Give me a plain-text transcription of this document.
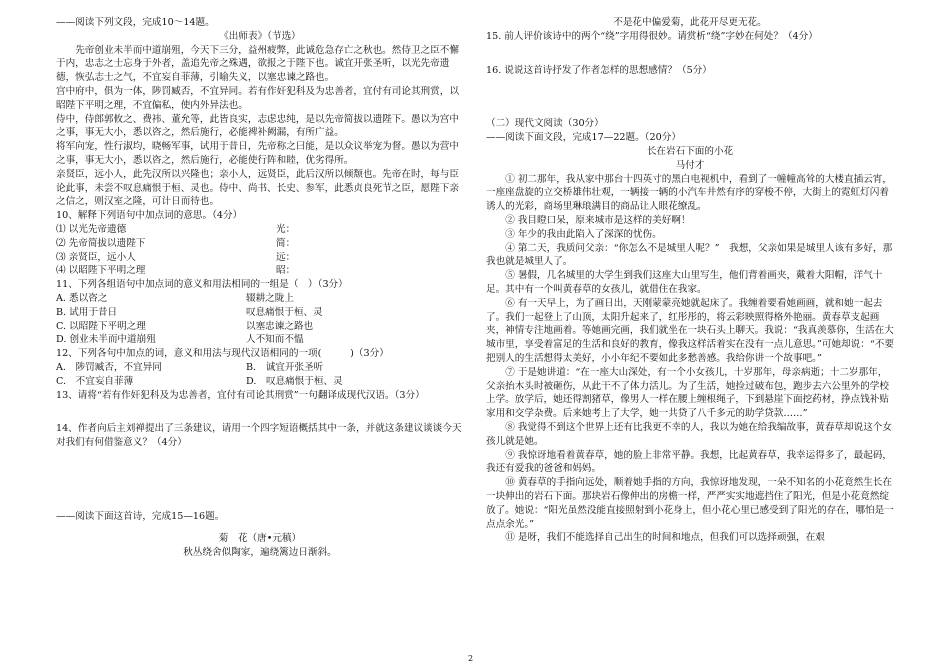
——阅读下列文段，完成10～14题。

《出师表》（节选）

先帝创业未半而中道崩殂，今天下三分，益州疲弊，此诚危急存亡之秋也。然侍卫之臣不懈于内，忠志之士忘身于外者，盖追先帝之殊遇，欲报之于陛下也。诚宜开张圣听，以光先帝遗德，恢弘志士之气，不宜妄自菲薄，引喻失义，以塞忠谏之路也。

宫中府中，俱为一体，陟罚臧否，不宜异同。若有作奸犯科及为忠善者，宜付有司论其刑赏，以昭陛下平明之理，不宜偏私，使内外异法也。

侍中，侍郎郭攸之、费祎、董允等，此皆良实，志虑忠纯，是以先帝简拔以遗陛下。愚以为宫中之事，事无大小，悉以咨之，然后施行，必能裨补阙漏，有所广益。

将军向宠，性行淑均，晓畅军事，试用于昔日，先帝称之曰能，是以众议举宠为督。愚以为营中之事，事无大小，悉以咨之，然后施行，必能使行阵和睦，优劣得所。

亲贤臣，远小人，此先汉所以兴隆也；亲小人，远贤臣，此后汉所以倾颓也。先帝在时，每与臣论此事，未尝不叹息痛恨于桓、灵也。侍中、尚书、长史、参军，此悉贞良死节之臣，愿陛下亲之信之，则汉室之隆，可计日而待也。

10、解释下列语句中加点词的意思。（4分）

⑴ 以光先帝遗德	光：
⑵ 先帝简拔以遗陛下	简：
⑶ 亲贤臣，远小人	远：
⑷ 以昭陛下平明之理	昭：

11、下列各组语句中加点词的意义和用法相同的一组是（　）（3分）

A. 悉以咨之	辍耕之陇上
B. 试用于昔日	叹息痛恨于桓、灵
C. 以昭陛下平明之理	以塞忠谏之路也
D. 创业未半而中道崩殂	人不知而不愠

12、下列各句中加点的词，意义和用法与现代汉语相同的一项(　　　)（3分）

A.　陟罚臧否，不宜异同	B.　诚宜开张圣听
C.　不宜妄自菲薄	D.　叹息痛恨于桓、灵

13、请将“若有作奸犯科及为忠善者，宜付有司论其刑赏”一句翻译成现代汉语。（3分）

14、作者向后主刘禅提出了三条建议，请用一个四字短语概括其中一条，并就这条建议谈谈今天对我们有何借鉴意义？（4分）

——阅读下面这首诗，完成15—16题。

菊　花（唐•元稹）

秋丛绕舍似陶家，遍绕篱边日渐斜。

不是花中偏爱菊，此花开尽更无花。

15. 前人评价该诗中的两个“绕”字用得很妙。请赏析“绕”字妙在何处？（4分）

16. 说说这首诗抒发了作者怎样的思想感情？（5分）

（二）现代文阅读（30分）

——阅读下面文段，完成17—22题。（20分）

长在岩石下面的小花

马付才

① 初二那年，我从家中那台十四英寸的黑白电视机中，看到了一幢幢高耸的大楼直插云宵，一座座盘旋的立交桥雄伟壮观，一辆接一辆的小汽车井然有序的穿梭不停，大街上的霓虹灯闪着诱人的光彩，商场里琳琅满目的商品让人眼花缭乱。

② 我目瞪口呆，原来城市是这样的美好啊！

③ 年少的我由此陷入了深深的忧伤。

④ 第二天，我质问父亲：“你怎么不是城里人呢？”　我想，父亲如果是城里人该有多好，那我也就是城里人了。

⑤ 暑假，几名城里的大学生到我们这座大山里写生，他们背着画夹，戴着大阳帽，洋气十足。其中有一个叫黄春草的女孩儿，就借住在我家。

⑥ 有一天早上，为了画日出，天刚蒙蒙亮她就起床了。我缠着要看她画画，就和她一起去了。我们一起登上了山顶，太阳升起来了，红彤彤的，将云彩映照得格外艳丽。黄春草支起画夹，神情专注地画着。等她画完画，我们就坐在一块石头上聊天。我说：“我真羡慕你，生活在大城市里，享受着富足的生活和良好的教育，像我这样活着实在没有一点儿意思。”可她却说：“不要把别人的生活想得太美好，小小年纪不要如此多愁善感。我给你讲一个故事吧。”

⑦ 于是她讲道：“在一座大山深处，有一个小女孩儿，十岁那年，母亲病逝；十二岁那年，父亲抬木头时被砸伤，从此干不了体力活儿。为了生活，她捡过破布包，跑步去六公里外的学校上学。放学后，她还得割猪草，像男人一样在腰上缠根绳子，下到悬崖下面挖药材，挣点钱补贴家用和交学杂费。后来她考上了大学，她一共贷了八千多元的助学贷款……”

⑧ 我觉得不到这个世界上还有比我更不幸的人，我以为她在给我编故事，黄春草却说这个女孩儿就是她。

⑨ 我惊讶地看着黄春草，她的脸上非常平静。我想，比起黄春草，我幸运得多了，最起码，我还有爱我的爸爸和妈妈。

⑩ 黄春草的手指向远处，顺着她手指的方向，我惊讶地发现，一朵不知名的小花竟然生长在一块伸出的岩石下面。那块岩石像伸出的房檐一样，严严实实地遮挡住了阳光，但是小花竟然绽放了。她说：“阳光虽然没能直接照射到小花身上，但小花心里已感受到了阳光的存在，哪怕是一点点余光。”

⑪ 是呀，我们不能选择自己出生的时间和地点，但我们可以选择顽强，在艰

2
